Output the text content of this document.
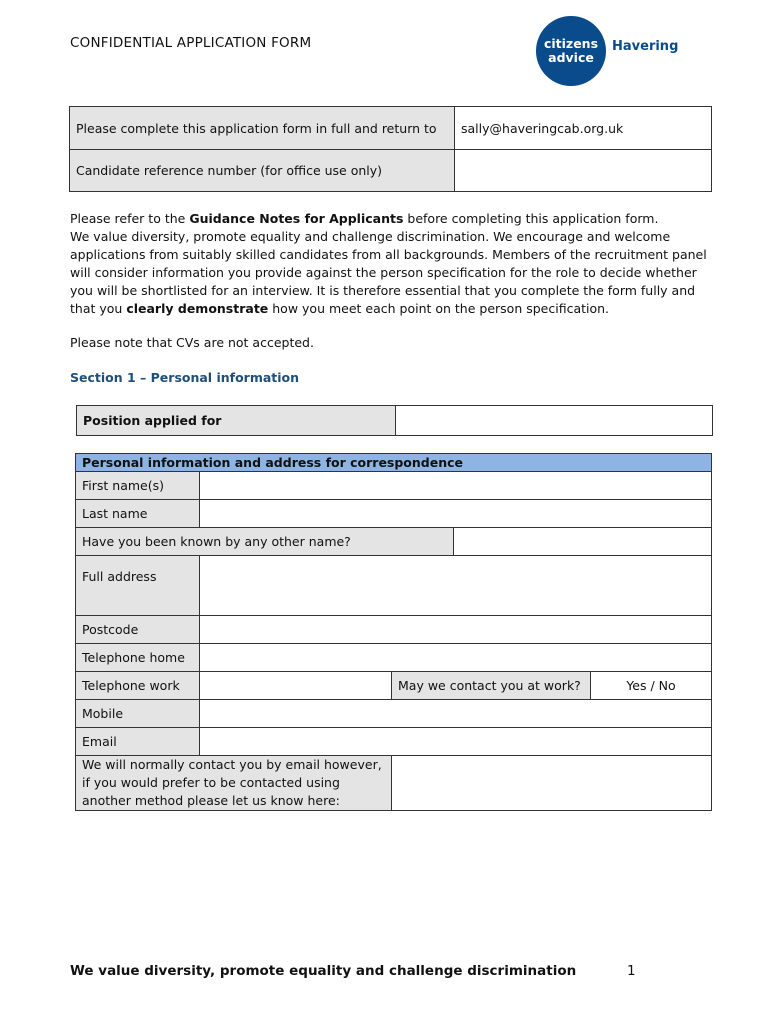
CONFIDENTIAL APPLICATION FORM	citizens
advice
Havering
Please complete this application form in full and return to	sally@haveringcab.org.uk
Candidate reference number (for office use only)	

Please refer to the Guidance Notes for Applicants before completing this application form.

We value diversity, promote equality and challenge discrimination. We encourage and welcome applications from suitably skilled candidates from all backgrounds. Members of the recruitment panel will consider information you provide against the person specification for the role to decide whether you will be shortlisted for an interview. It is therefore essential that you complete the form fully and that you clearly demonstrate how you meet each point on the person specification.

Please note that CVs are not accepted.
Section 1 – Personal information
Position applied for	
Personal information and address for correspondence				
First name(s)				
Last name				
Have you been known by any other name?				
Full address				
Postcode				
Telephone home				
Telephone work		May we contact you at work?		Yes / No
Mobile				
Email				
We will normally contact you by email however, if you would prefer to be contacted using another method please let us know here:				
We value diversity, promote equality and challenge discrimination	1
